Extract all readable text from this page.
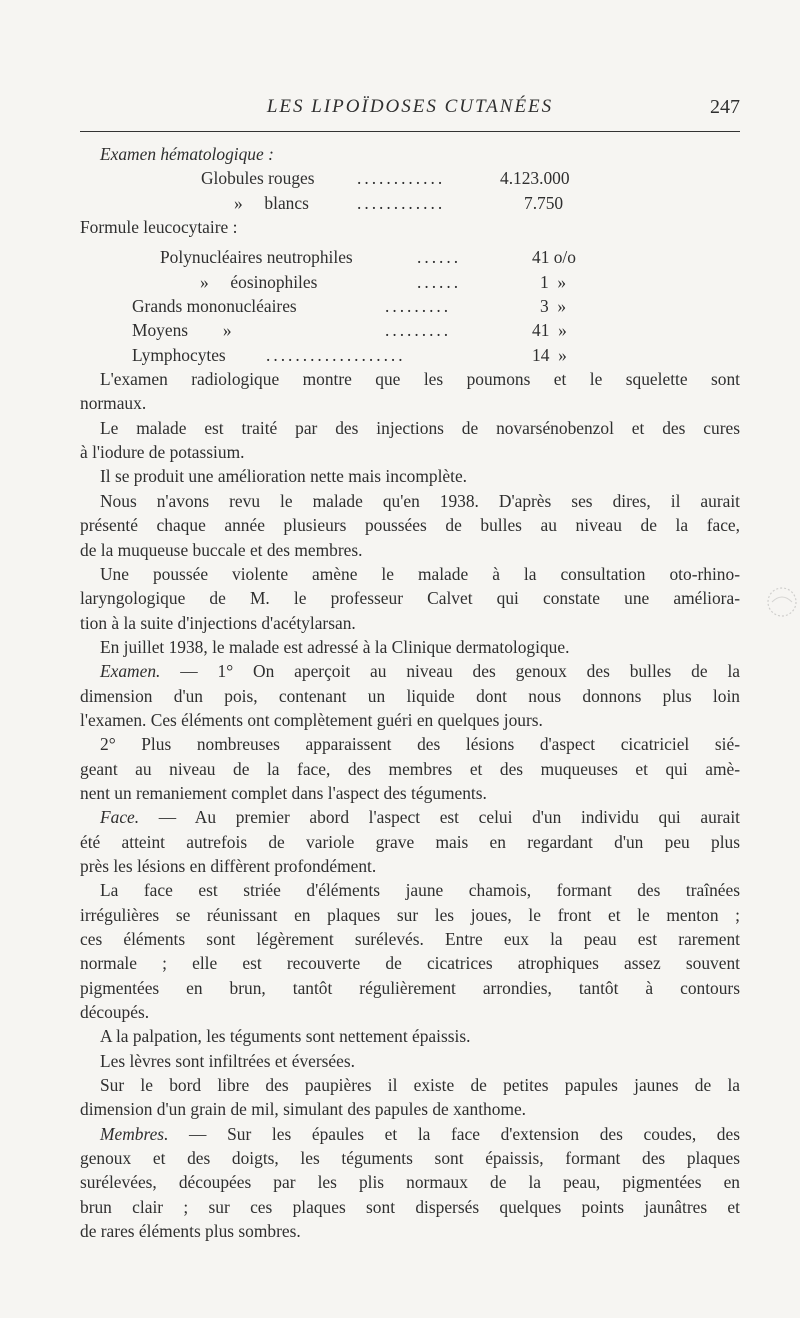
LES LIPOÏDOSES CUTANÉES	247
Examen hématologique :
Globules rouges ............	4.123.000
»     blancs	............	7.750
Formule leucocytaire :
Polynucléaires neutrophiles	......	41 o/o
»     éosinophiles	......	1  »
Grands mononucléaires	.........	3  »
Moyens        »	.........	41  »
Lymphocytes ...................	14  »
L'examen radiologique montre que les poumons et le squelette sont
normaux.
Le malade est traité par des injections de novarsénobenzol et des cures
à l'iodure de potassium.
Il se produit une amélioration nette mais incomplète.
Nous n'avons revu le malade qu'en 1938. D'après ses dires, il aurait
présenté chaque année plusieurs poussées de bulles au niveau de la face,
de la muqueuse buccale et des membres.
Une poussée violente amène le malade à la consultation oto-rhino-
laryngologique de M. le professeur Calvet qui constate une améliora-
tion à la suite d'injections d'acétylarsan.
En juillet 1938, le malade est adressé à la Clinique dermatologique.
Examen. — 1° On aperçoit au niveau des genoux des bulles de la
dimension d'un pois, contenant un liquide dont nous donnons plus loin
l'examen. Ces éléments ont complètement guéri en quelques jours.
2° Plus nombreuses apparaissent des lésions d'aspect cicatriciel sié-
geant au niveau de la face, des membres et des muqueuses et qui amè-
nent un remaniement complet dans l'aspect des téguments.
Face. — Au premier abord l'aspect est celui d'un individu qui aurait
été atteint autrefois de variole grave mais en regardant d'un peu plus
près les lésions en diffèrent profondément.
La face est striée d'éléments jaune chamois, formant des traînées
irrégulières se réunissant en plaques sur les joues, le front et le menton ;
ces éléments sont légèrement surélevés. Entre eux la peau est rarement
normale ; elle est recouverte de cicatrices atrophiques assez souvent
pigmentées en brun, tantôt régulièrement arrondies, tantôt à contours
découpés.
A la palpation, les téguments sont nettement épaissis.
Les lèvres sont infiltrées et éversées.
Sur le bord libre des paupières il existe de petites papules jaunes de la
dimension d'un grain de mil, simulant des papules de xanthome.
Membres. — Sur les épaules et la face d'extension des coudes, des
genoux et des doigts, les téguments sont épaissis, formant des plaques
surélevées, découpées par les plis normaux de la peau, pigmentées en
brun clair ; sur ces plaques sont dispersés quelques points jaunâtres et
de rares éléments plus sombres.
